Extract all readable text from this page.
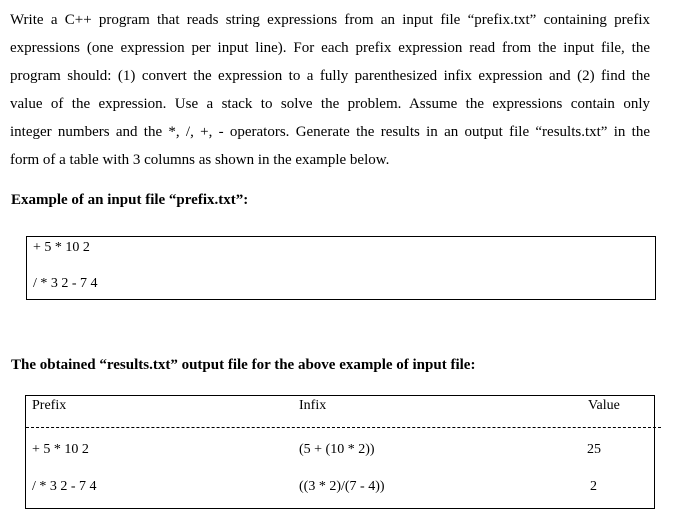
Write a C++ program that reads string expressions from an input file “prefix.txt” containing prefix
expressions (one expression per input line). For each prefix expression read from the input file, the
program should: (1) convert the expression to a fully parenthesized infix expression and (2) find the
value of the expression. Use a stack to solve the problem. Assume the expressions contain only
integer numbers and the *, /, +, - operators. Generate the results in an output file “results.txt” in the
form of a table with 3 columns as shown in the example below.

Example of an input file “prefix.txt”:

+ 5 * 10 2
/ * 3 2 - 7 4

The obtained “results.txt” output file for the above example of input file:

Prefix	Infix	Value
+ 5 * 10 2	(5 + (10 * 2))	25
/ * 3 2 - 7 4	((3 * 2)/(7 - 4))	2
